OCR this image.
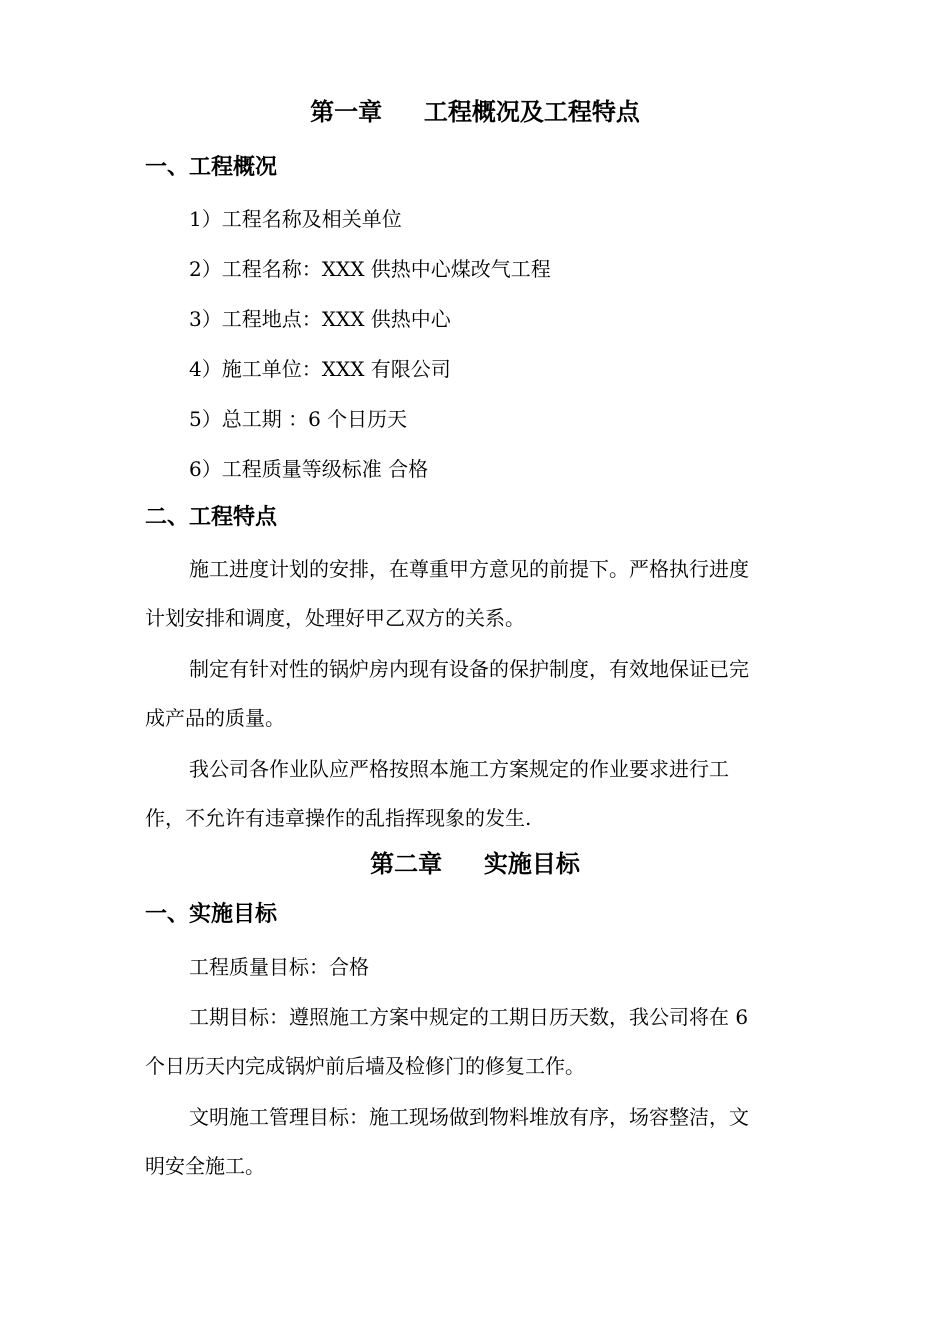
第一章     工程概况及工程特点
一、工程概况
1）工程名称及相关单位
2）工程名称：XXX 供热中心煤改气工程
3）工程地点：XXX 供热中心
4）施工单位：XXX 有限公司
5）总工期 ：6 个日历天
6）工程质量等级标准 合格
二、工程特点
施工进度计划的安排，在尊重甲方意见的前提下。严格执行进度
计划安排和调度，处理好甲乙双方的关系。
制定有针对性的锅炉房内现有设备的保护制度，有效地保证已完
成产品的质量。
我公司各作业队应严格按照本施工方案规定的作业要求进行工
作，不允许有违章操作的乱指挥现象的发生.
第二章     实施目标
一、实施目标
工程质量目标：合格
工期目标：遵照施工方案中规定的工期日历天数，我公司将在 6
个日历天内完成锅炉前后墙及检修门的修复工作。
文明施工管理目标：施工现场做到物料堆放有序，场容整洁，文
明安全施工。
